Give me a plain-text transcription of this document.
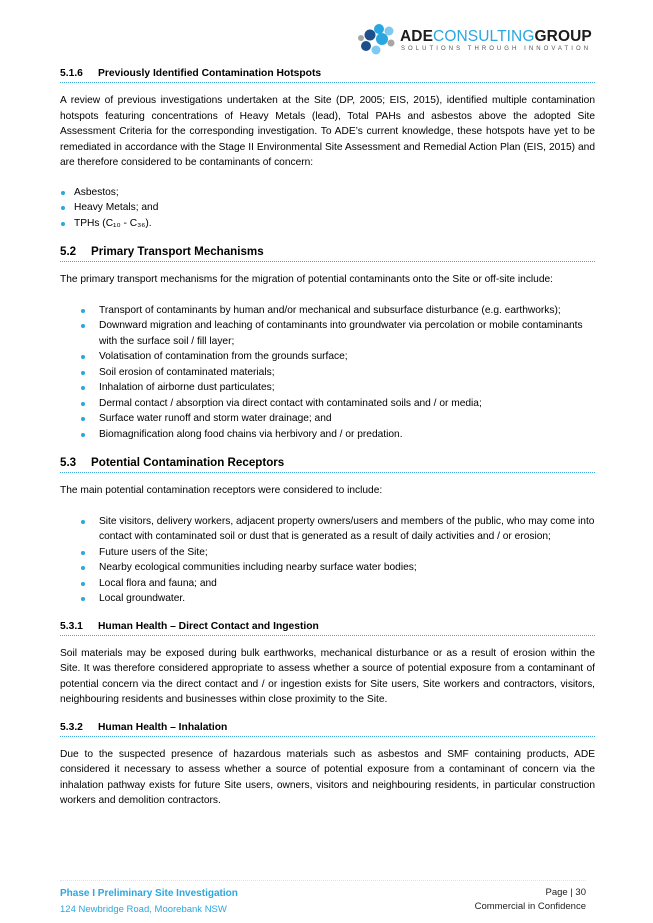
ADECONSULTINGGROUP
SOLUTIONS THROUGH INNOVATION
5.1.6 Previously Identified Contamination Hotspots

A review of previous investigations undertaken at the Site (DP, 2005; EIS, 2015), identified multiple contamination hotspots featuring concentrations of Heavy Metals (lead), Total PAHs and asbestos above the adopted Site Assessment Criteria for the corresponding investigation. To ADE’s current knowledge, these hotspots have yet to be remediated in accordance with the Stage II Environmental Site Assessment and Remedial Action Plan (EIS, 2015) and are therefore considered to be contaminants of concern:

Asbestos;
Heavy Metals; and
TPHs (C₁₀ - C₃₆).
5.2 Primary Transport Mechanisms

The primary transport mechanisms for the migration of potential contaminants onto the Site or off-site include:

Transport of contaminants by human and/or mechanical and subsurface disturbance (e.g. earthworks);
Downward migration and leaching of contaminants into groundwater via percolation or mobile contaminants with the surface soil / fill layer;
Volatisation of contamination from the grounds surface;
Soil erosion of contaminated materials;
Inhalation of airborne dust particulates;
Dermal contact / absorption via direct contact with contaminated soils and / or media;
Surface water runoff and storm water drainage; and
Biomagnification along food chains via herbivory and / or predation.
5.3 Potential Contamination Receptors

The main potential contamination receptors were considered to include:

Site visitors, delivery workers, adjacent property owners/users and members of the public, who may come into contact with contaminated soil or dust that is generated as a result of daily activities and / or erosion;
Future users of the Site;
Nearby ecological communities including nearby surface water bodies;
Local flora and fauna; and
Local groundwater.
5.3.1 Human Health – Direct Contact and Ingestion

Soil materials may be exposed during bulk earthworks, mechanical disturbance or as a result of erosion within the Site. It was therefore considered appropriate to assess whether a source of potential exposure from a contaminant of potential concern via the direct contact and / or ingestion exists for Site users, Site workers and contractors, visitors, neighbouring residents and businesses within close proximity to the Site.

5.3.2 Human Health – Inhalation

Due to the suspected presence of hazardous materials such as asbestos and SMF containing products, ADE considered it necessary to assess whether a source of potential exposure from a contaminant of concern via the inhalation pathway exists for future Site users, owners, visitors and neighbouring residents, in particular construction workers and demolition contractors.

Phase I Preliminary Site Investigation
124 Newbridge Road, Moorebank NSW
Page | 30
Commercial in Confidence
